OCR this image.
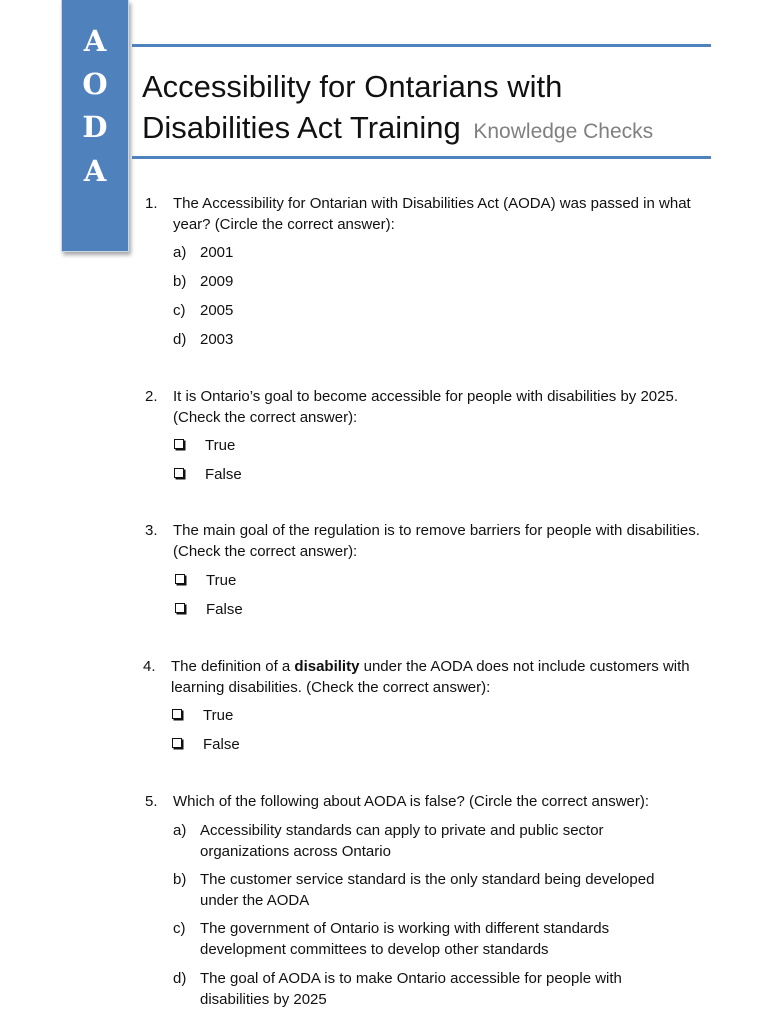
A
O
D
A
Accessibility for Ontarians with
Disabilities Act Training Knowledge Checks
1.	The Accessibility for Ontarian with Disabilities Act (AODA) was passed in what year? (Circle the correct answer):
a) 2001
b) 2009
c) 2005
d) 2003
2.	It is Ontario’s goal to become accessible for people with disabilities by 2025. (Check the correct answer):
True
False
3.	The main goal of the regulation is to remove barriers for people with disabilities. (Check the correct answer):
True
False
4.	The definition of a disability under the AODA does not include customers with learning disabilities. (Check the correct answer):
True
False
5.	Which of the following about AODA is false? (Circle the correct answer):
a) Accessibility standards can apply to private and public sector organizations across Ontario
b) The customer service standard is the only standard being developed under the AODA
c) The government of Ontario is working with different standards development committees to develop other standards
d) The goal of AODA is to make Ontario accessible for people with disabilities by 2025
